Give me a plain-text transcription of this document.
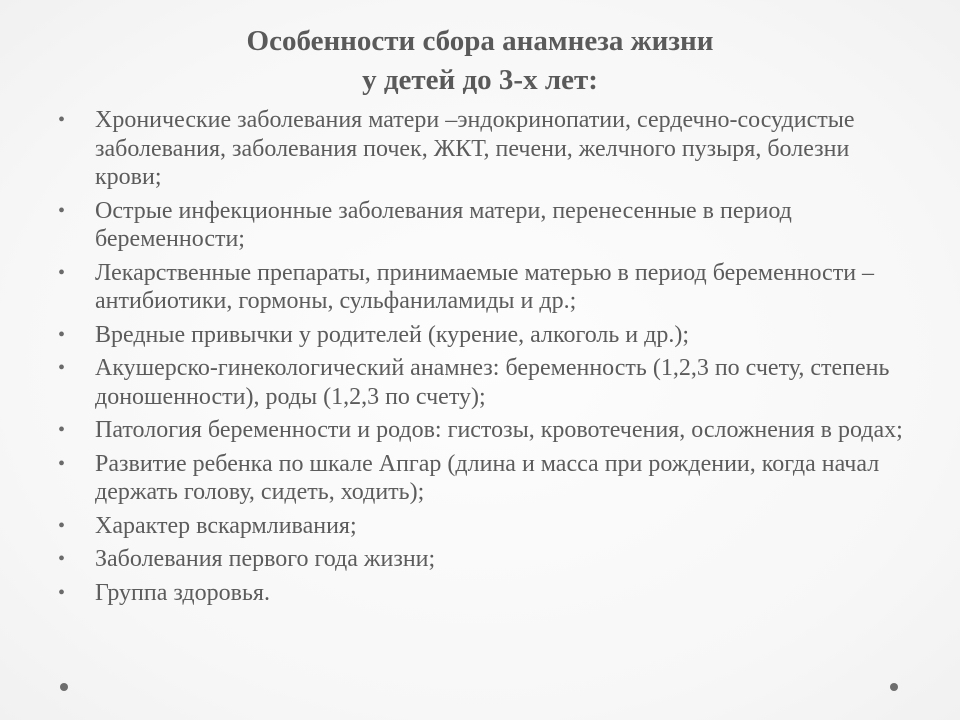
Особенности сбора анамнеза жизни
у детей до 3-х лет:
• Хронические заболевания матери –эндокринопатии, сердечно-сосудистые заболевания, заболевания почек, ЖКТ, печени, желчного пузыря, болезни крови;
• Острые инфекционные заболевания матери, перенесенные в период беременности;
• Лекарственные препараты, принимаемые матерью в период беременности – антибиотики, гормоны, сульфаниламиды и др.;
• Вредные привычки у родителей (курение, алкоголь и др.);
• Акушерско-гинекологический анамнез: беременность (1,2,3 по счету, степень доношенности), роды (1,2,3 по счету);
• Патология беременности и родов: гистозы, кровотечения, осложнения в родах;
• Развитие ребенка по шкале Апгар (длина и масса при рождении, когда начал держать голову, сидеть, ходить);
• Характер вскармливания;
• Заболевания первого года жизни;
• Группа здоровья.
